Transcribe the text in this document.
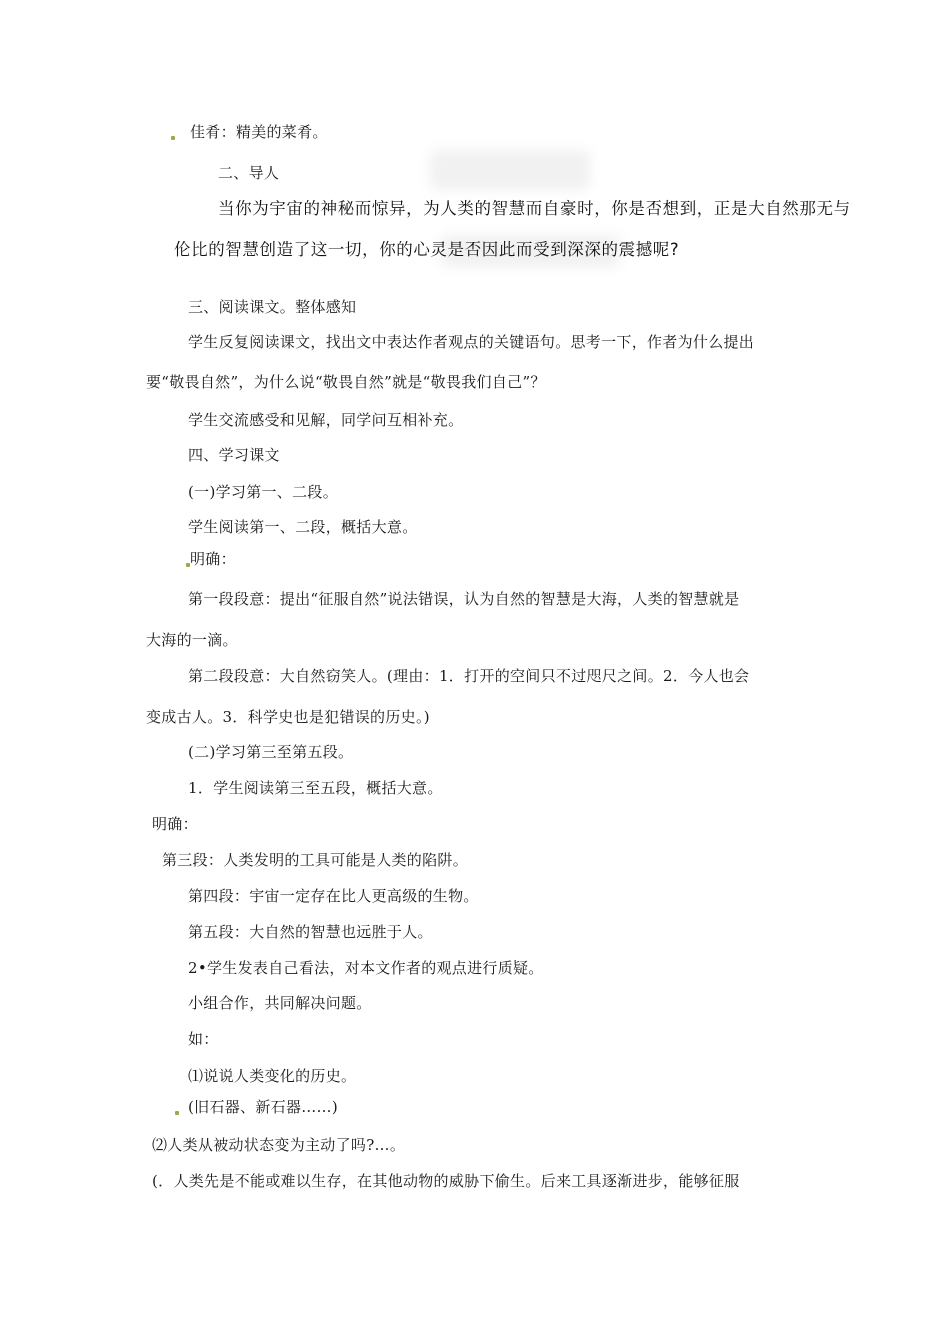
佳肴：精美的菜肴。
二、导人
当你为宇宙的神秘而惊异，为人类的智慧而自豪时，你是否想到，正是大自然那无与
伦比的智慧创造了这一切，你的心灵是否因此而受到深深的震撼呢?
三、阅读课文。整体感知
学生反复阅读课文，找出文中表达作者观点的关键语句。思考一下，作者为什么提出
要“敬畏自然”，为什么说“敬畏自然”就是“敬畏我们自己”？
学生交流感受和见解，同学问互相补充。
四、学习课文
(一)学习第一、二段。
学生阅读第一、二段，概括大意。
明确：
第一段段意：提出“征服自然”说法错误，认为自然的智慧是大海，人类的智慧就是
大海的一滴。
第二段段意：大自然窃笑人。(理由：1．打开的空间只不过咫尺之间。2．今人也会
变成古人。3．科学史也是犯错误的历史。)
(二)学习第三至第五段。
1．学生阅读第三至五段，概括大意。
明确：
第三段：人类发明的工具可能是人类的陷阱。
第四段：宇宙一定存在比人更高级的生物。
第五段：大自然的智慧也远胜于人。
2•学生发表自己看法，对本文作者的观点进行质疑。
小组合作，共同解决问题。
如：
⑴说说人类变化的历史。
(旧石器、新石器……)
⑵人类从被动状态变为主动了吗?…。
(．人类先是不能或难以生存，在其他动物的威胁下偷生。后来工具逐渐进步，能够征服
